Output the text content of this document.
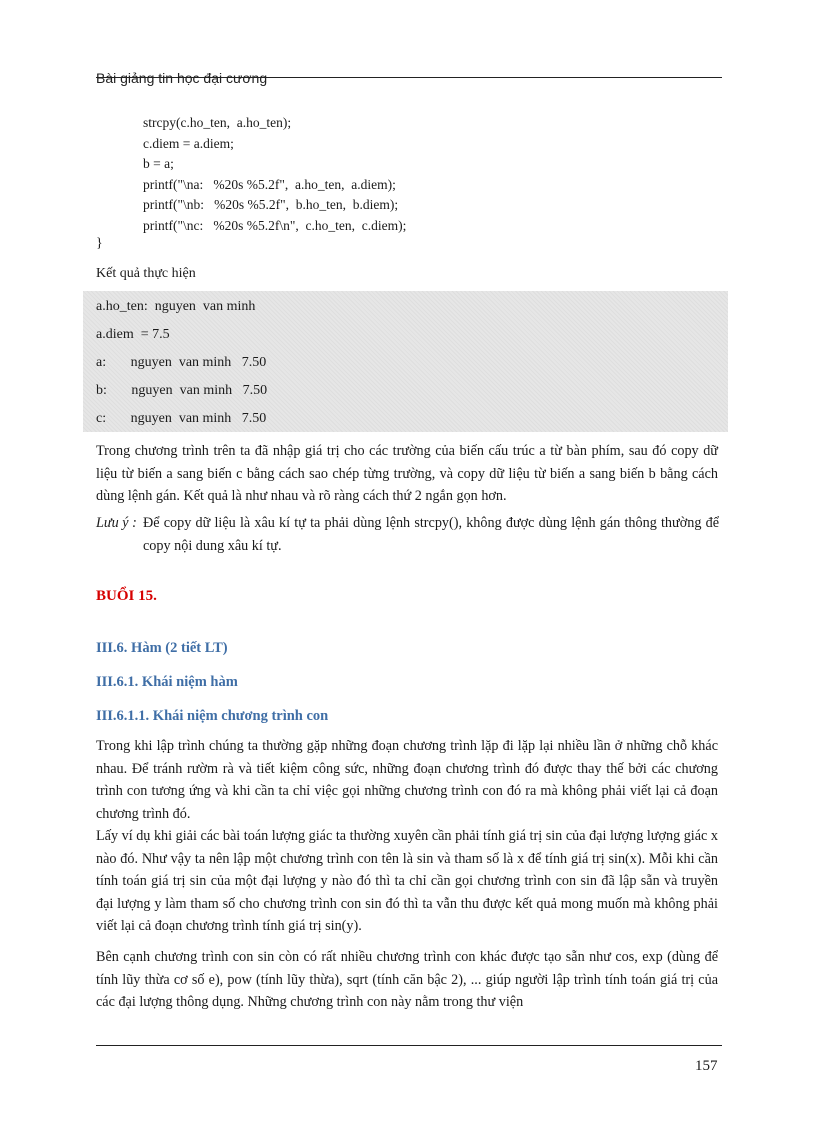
Bài giảng tin học đại cương
strcpy(c.ho_ten,  a.ho_ten);
c.diem = a.diem;
b = a;
printf("\na:   %20s %5.2f",  a.ho_ten,  a.diem);
printf("\nb:   %20s %5.2f",  b.ho_ten,  b.diem);
printf("\nc:   %20s %5.2f\n",  c.ho_ten,  c.diem);
}
Kết quả thực hiện
a.ho_ten:  nguyen  van minh
a.diem  = 7.5
a:       nguyen  van minh   7.50
b:       nguyen  van minh   7.50
c:       nguyen  van minh   7.50

Trong chương trình trên ta đã nhập giá trị cho các trường của biến cấu trúc a từ bàn phím, sau đó copy dữ liệu từ biến a sang biến c bằng cách sao chép từng trường, và copy dữ liệu từ biến a sang biến b bằng cách dùng lệnh gán. Kết quả là như nhau và rõ ràng cách thứ 2 ngắn gọn hơn.

Lưu ý : Để copy dữ liệu là xâu kí tự ta phải dùng lệnh strcpy(), không được dùng lệnh gán thông thường để copy nội dung xâu kí tự.

BUỔI 15.
III.6. Hàm (2 tiết LT)
III.6.1. Khái niệm hàm
III.6.1.1. Khái niệm chương trình con

Trong khi lập trình chúng ta thường gặp những đoạn chương trình lặp đi lặp lại nhiều lần ở những chỗ khác nhau. Để tránh rườm rà và tiết kiệm công sức, những đoạn chương trình đó được thay thế bởi các chương trình con tương ứng và khi cần ta chỉ việc gọi những chương trình con đó ra mà không phải viết lại cả đoạn chương trình đó.

Lấy ví dụ khi giải các bài toán lượng giác ta thường xuyên cần phải tính giá trị sin của đại lượng lượng giác x nào đó. Như vậy ta nên lập một chương trình con tên là sin và tham số là x để tính giá trị sin(x). Mỗi khi cần tính toán giá trị sin của một đại lượng y nào đó thì ta chỉ cần gọi chương trình con sin đã lập sẵn và truyền đại lượng y làm tham số cho chương trình con sin đó thì ta vẫn thu được kết quả mong muốn mà không phải viết lại cả đoạn chương trình tính giá trị sin(y).

Bên cạnh chương trình con sin còn có rất nhiều chương trình con khác được tạo sẵn như cos, exp (dùng để tính lũy thừa cơ số e), pow (tính lũy thừa), sqrt (tính căn bậc 2), ... giúp người lập trình tính toán giá trị của các đại lượng thông dụng. Những chương trình con này nằm trong thư viện

157
